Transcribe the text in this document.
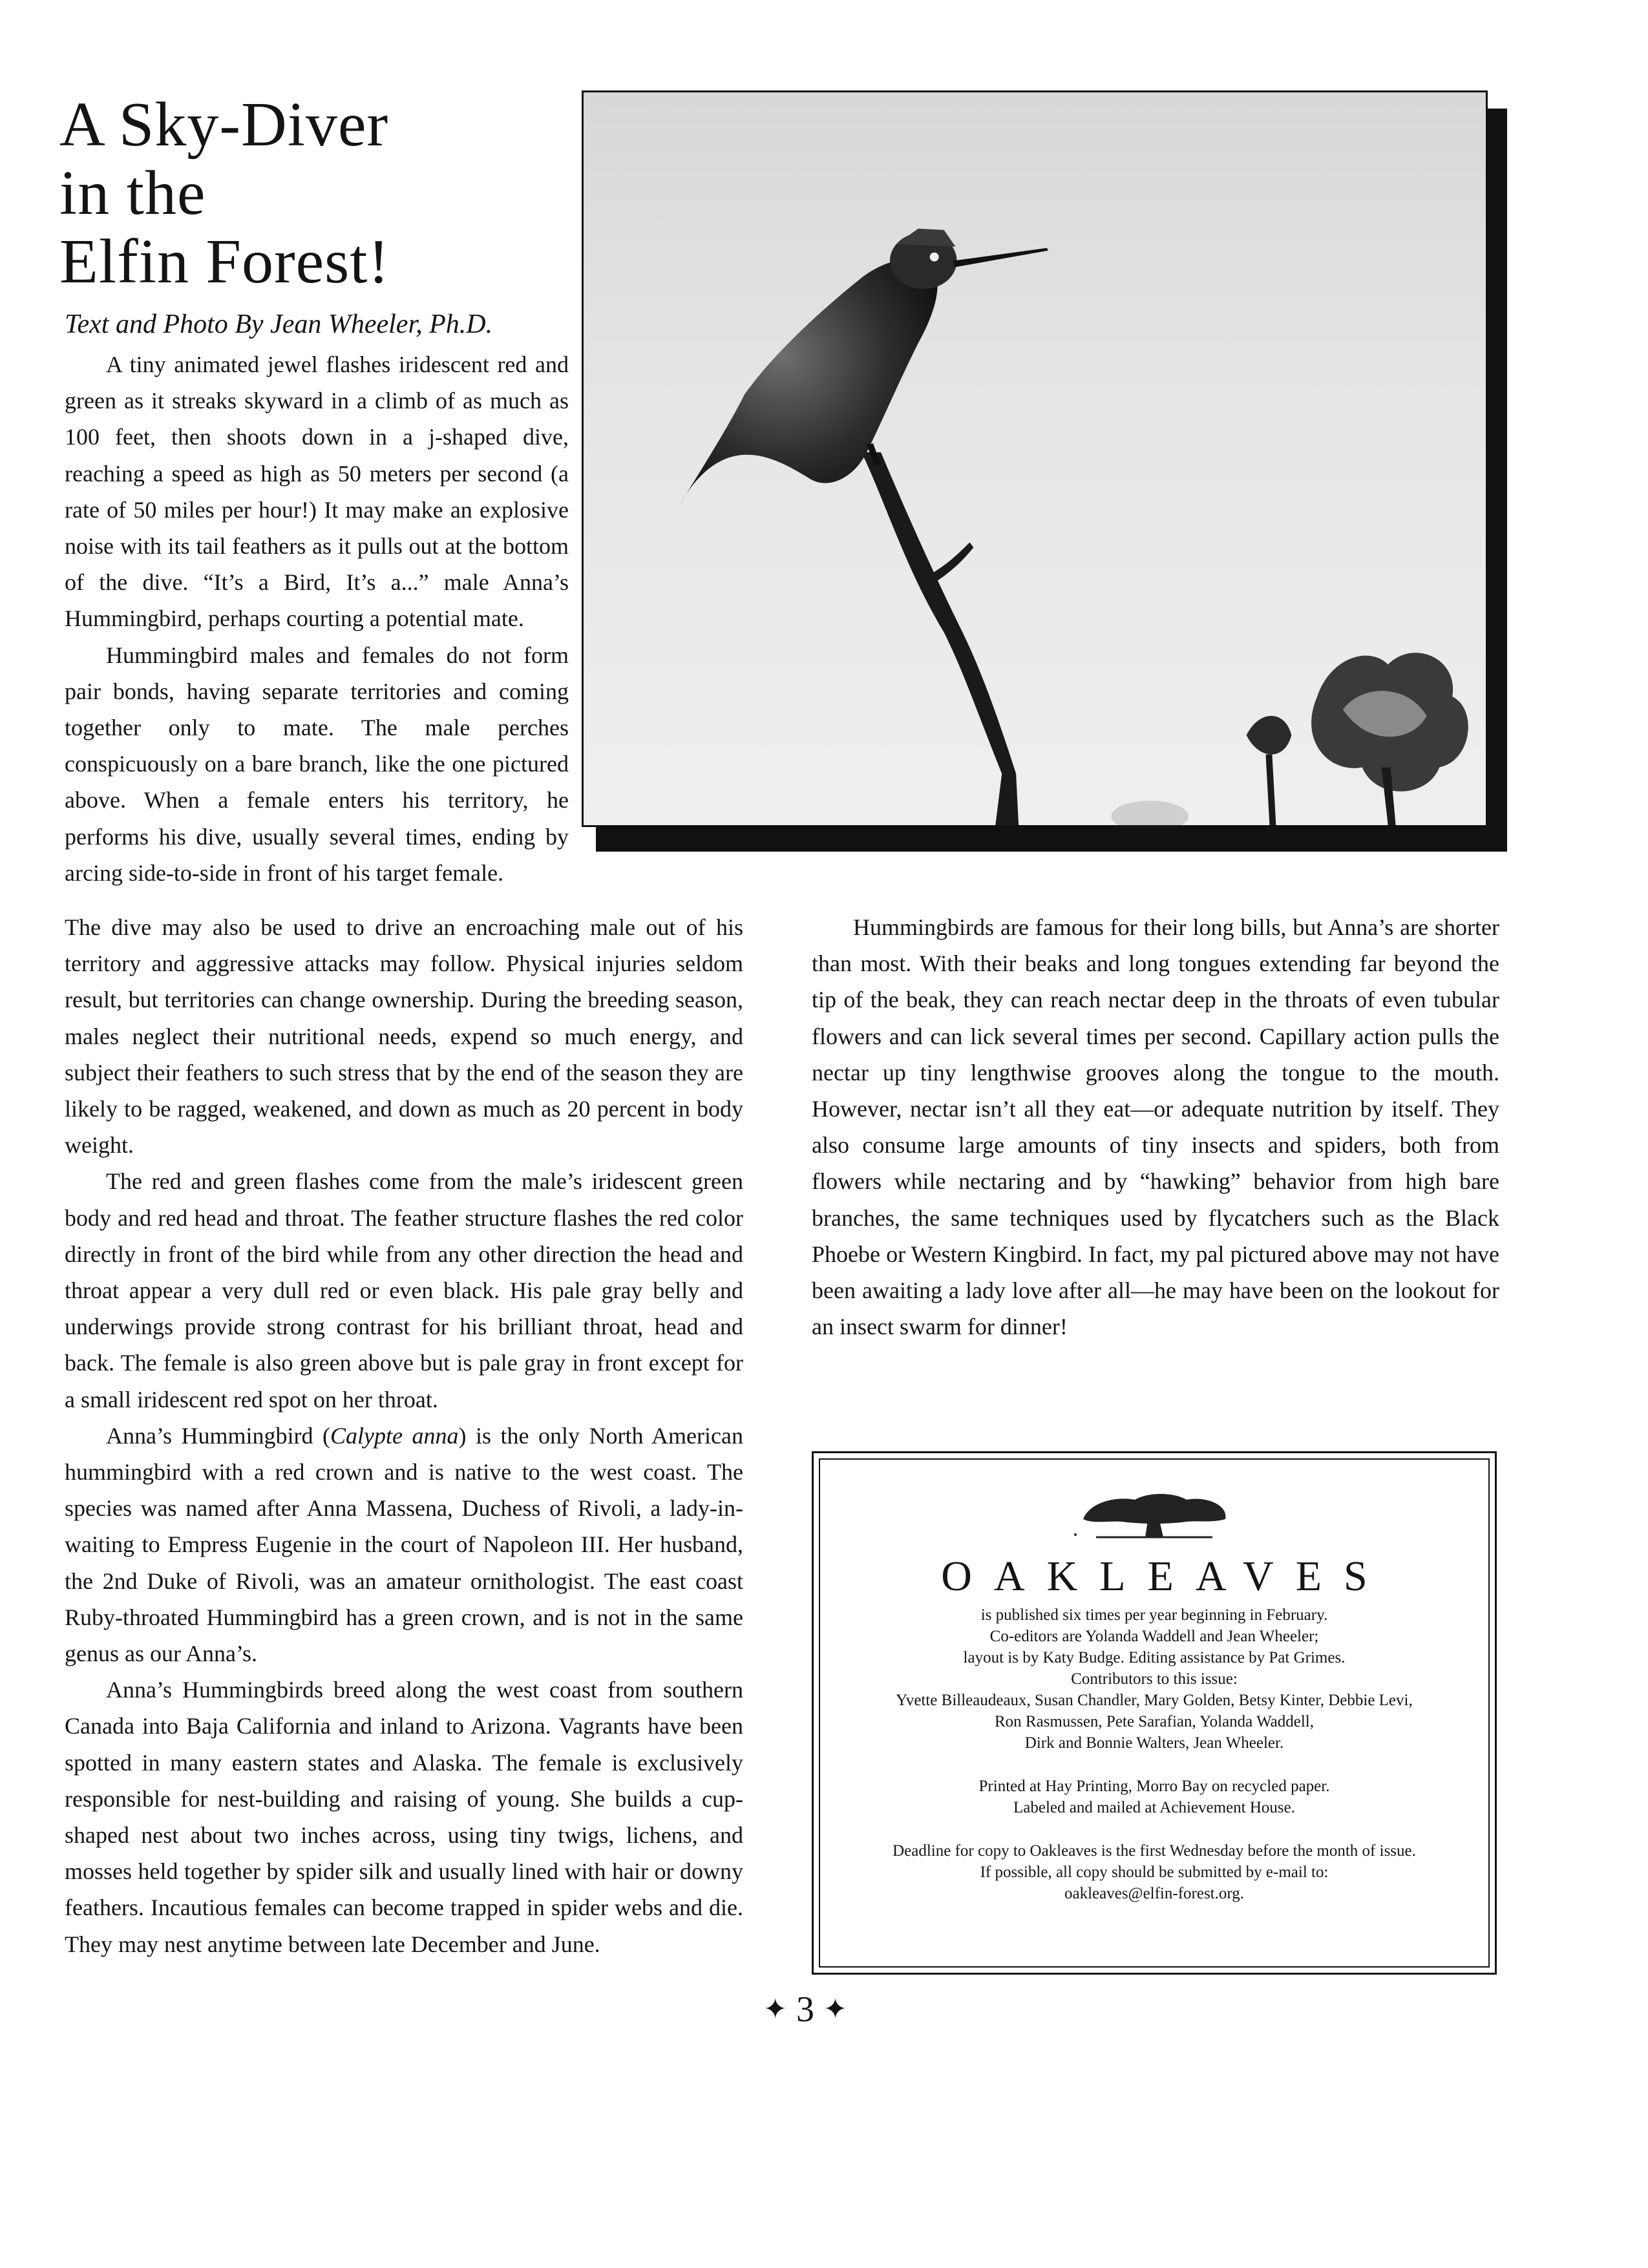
A Sky-Diver
in the
Elfin Forest!

Text and Photo By Jean Wheeler, Ph.D.

A tiny animated jewel flashes iridescent red and green as it streaks skyward in a climb of as much as 100 feet, then shoots down in a j-shaped dive, reaching a speed as high as 50 meters per second (a rate of 50 miles per hour!) It may make an explosive noise with its tail feathers as it pulls out at the bottom of the dive. “It’s a Bird, It’s a...” male Anna’s Hummingbird, perhaps courting a potential mate.

Hummingbird males and females do not form pair bonds, having separate territories and coming together only to mate. The male perches conspicuously on a bare branch, like the one pictured above. When a female enters his territory, he performs his dive, usually several times, ending by arcing side-to-side in front of his target female.

The dive may also be used to drive an encroaching male out of his territory and aggressive attacks may follow. Physical injuries seldom result, but territories can change ownership. During the breeding season, males neglect their nutritional needs, expend so much energy, and subject their feathers to such stress that by the end of the season they are likely to be ragged, weakened, and down as much as 20 percent in body weight.

The red and green flashes come from the male’s iridescent green body and red head and throat. The feather structure flashes the red color directly in front of the bird while from any other direction the head and throat appear a very dull red or even black. His pale gray belly and underwings provide strong contrast for his brilliant throat, head and back. The female is also green above but is pale gray in front except for a small iridescent red spot on her throat.

Anna’s Hummingbird (Calypte anna) is the only North American hummingbird with a red crown and is native to the west coast. The species was named after Anna Massena, Duchess of Rivoli, a lady-in-waiting to Empress Eugenie in the court of Napoleon III. Her husband, the 2nd Duke of Rivoli, was an amateur ornithologist. The east coast Ruby-throated Hummingbird has a green crown, and is not in the same genus as our Anna’s.

Anna’s Hummingbirds breed along the west coast from southern Canada into Baja California and inland to Arizona. Vagrants have been spotted in many eastern states and Alaska. The female is exclusively responsible for nest-building and raising of young. She builds a cup-shaped nest about two inches across, using tiny twigs, lichens, and mosses held together by spider silk and usually lined with hair or downy feathers. Incautious females can become trapped in spider webs and die. They may nest anytime between late December and June.

Hummingbirds are famous for their long bills, but Anna’s are shorter than most. With their beaks and long tongues extending far beyond the tip of the beak, they can reach nectar deep in the throats of even tubular flowers and can lick several times per second. Capillary action pulls the nectar up tiny lengthwise grooves along the tongue to the mouth. However, nectar isn’t all they eat—or adequate nutrition by itself. They also consume large amounts of tiny insects and spiders, both from flowers while nectaring and by “hawking” behavior from high bare branches, the same techniques used by flycatchers such as the Black Phoebe or Western Kingbird. In fact, my pal pictured above may not have been awaiting a lady love after all—he may have been on the lookout for an insect swarm for dinner!

OAKLEAVES
is published six times per year beginning in February.
Co-editors are Yolanda Waddell and Jean Wheeler;
layout is by Katy Budge. Editing assistance by Pat Grimes.
Contributors to this issue:
Yvette Billeaudeaux, Susan Chandler, Mary Golden, Betsy Kinter, Debbie Levi,
Ron Rasmussen, Pete Sarafian, Yolanda Waddell,
Dirk and Bonnie Walters, Jean Wheeler.
Printed at Hay Printing, Morro Bay on recycled paper.
Labeled and mailed at Achievement House.
Deadline for copy to Oakleaves is the first Wednesday before the month of issue.
If possible, all copy should be submitted by e-mail to:
oakleaves@elfin-forest.org.
✦ 3 ✦
